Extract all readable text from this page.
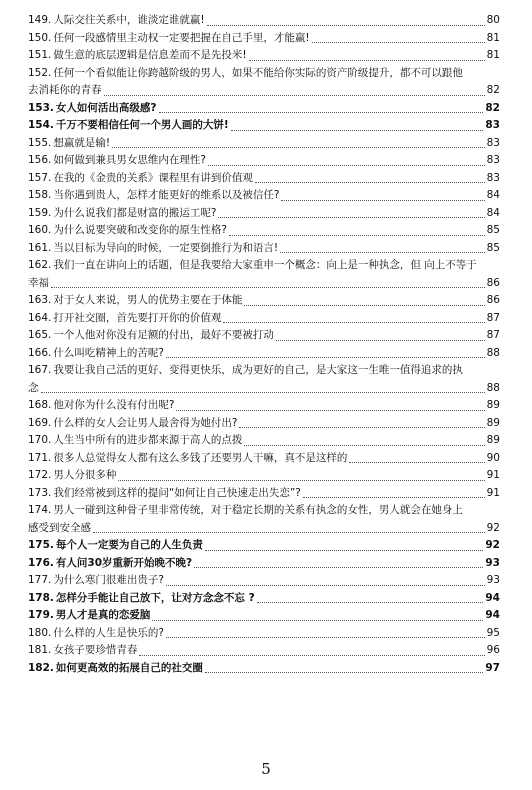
149. 人际交往关系中，谁淡定谁就赢!	80
150. 任何一段感情里主动权一定要把握在自己手里，才能赢!	81
151. 做生意的底层逻辑是信息差而不是先投米!	81
152. 任何一个看似能让你跨越阶级的男人，如果不能给你实际的资产阶级提升，都不可以跟他
去消耗你的青春	82
153. 女人如何活出高级感?	82
154. 千万不要相信任何一个男人画的大饼!	83
155. 想赢就是输!	83
156. 如何做到兼具男女思维内在理性?	83
157. 在我的《金贵的关系》课程里有讲到价值观	83
158. 当你遇到贵人，怎样才能更好的维系以及被信任?	84
159. 为什么说我们都是财富的搬运工呢?	84
160. 为什么说要突破和改变你的原生性格?	85
161. 当以目标为导向的时候，一定要倒推行为和语言!	85
162. 我们一直在讲向上的话题，但是我要给大家重申一个概念：向上是一种执念，但 向上不等于
幸福	86
163. 对于女人来说，男人的优势主要在于体能	86
164. 打开社交圈，首先要打开你的价值观	87
165. 一个人他对你没有足额的付出，最好不要被打动	87
166. 什么叫吃精神上的苦呢?	88
167. 我要让我自己活的更好、变得更快乐，成为更好的自己，是大家这一生唯一值得追求的执
念	88
168. 他对你为什么没有付出呢?	89
169. 什么样的女人会让男人最舍得为她付出?	89
170. 人生当中所有的进步都来源于高人的点拨	89
171. 很多人总觉得女人都有这么多钱了还要男人干嘛，真不是这样的	90
172. 男人分很多种	91
173. 我们经常被到这样的提问“如何让自己快速走出失恋”?	91
174. 男人一碰到这种骨子里非常传统，对于稳定长期的关系有执念的女性，男人就会在她身上
感受到安全感	92
175. 每个人一定要为自己的人生负责	92
176. 有人问30岁重新开始晚不晚?	93
177. 为什么寒门很难出贵子?	93
178. 怎样分手能让自己放下，让对方念念不忘 ?	94
179. 男人才是真的恋爱脑	94
180. 什么样的人生是快乐的?	95
181. 女孩子要珍惜青春	96
182. 如何更高效的拓展自己的社交圈	97
5
